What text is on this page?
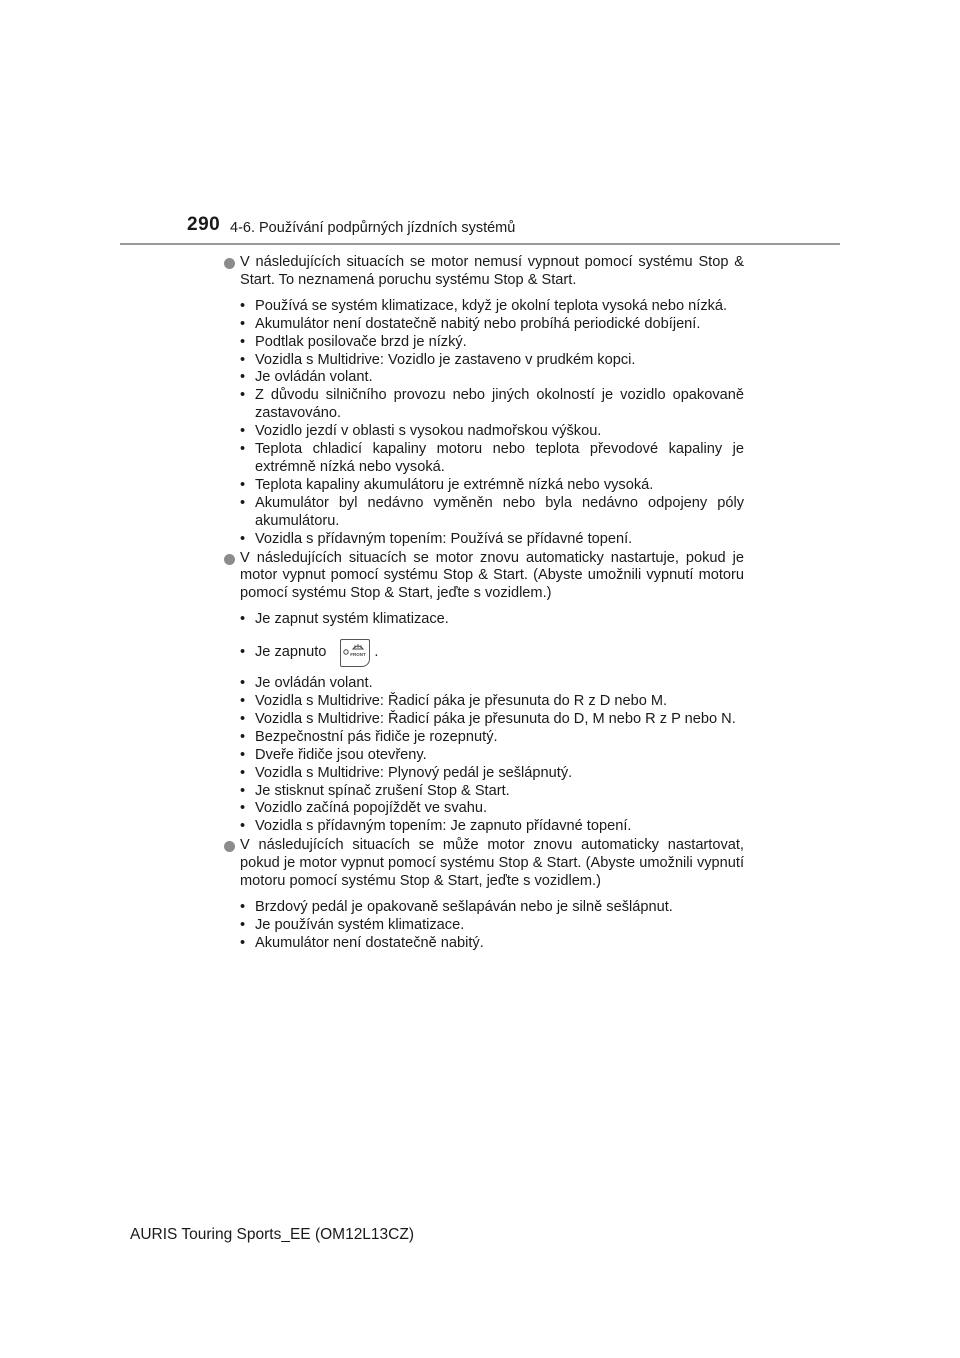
290 4-6. Používání podpůrných jízdních systémů
V následujících situacích se motor nemusí vypnout pomocí systému Stop & Start. To neznamená poruchu systému Stop & Start.
• Používá se systém klimatizace, když je okolní teplota vysoká nebo nízká.
• Akumulátor není dostatečně nabitý nebo probíhá periodické dobíjení.
• Podtlak posilovače brzd je nízký.
• Vozidla s Multidrive: Vozidlo je zastaveno v prudkém kopci.
• Je ovládán volant.
• Z důvodu silničního provozu nebo jiných okolností je vozidlo opakovaně zastavováno.
• Vozidlo jezdí v oblasti s vysokou nadmořskou výškou.
• Teplota chladicí kapaliny motoru nebo teplota převodové kapaliny je extrémně nízká nebo vysoká.
• Teplota kapaliny akumulátoru je extrémně nízká nebo vysoká.
• Akumulátor byl nedávno vyměněn nebo byla nedávno odpojeny póly akumulátoru.
• Vozidla s přídavným topením: Používá se přídavné topení.
V následujících situacích se motor znovu automaticky nastartuje, pokud je motor vypnut pomocí systému Stop & Start. (Abyste umožnili vypnutí motoru pomocí systému Stop & Start, jeďte s vozidlem.)
• Je zapnut systém klimatizace.
• Je zapnuto	FRONT .
• Je ovládán volant.
• Vozidla s Multidrive: Řadicí páka je přesunuta do R z D nebo M.
• Vozidla s Multidrive: Řadicí páka je přesunuta do D, M nebo R z P nebo N.
• Bezpečnostní pás řidiče je rozepnutý.
• Dveře řidiče jsou otevřeny.
• Vozidla s Multidrive: Plynový pedál je sešlápnutý.
• Je stisknut spínač zrušení Stop & Start.
• Vozidlo začíná popojíždět ve svahu.
• Vozidla s přídavným topením: Je zapnuto přídavné topení.
V následujících situacích se může motor znovu automaticky nastartovat, pokud je motor vypnut pomocí systému Stop & Start. (Abyste umožnili vypnutí motoru pomocí systému Stop & Start, jeďte s vozidlem.)
• Brzdový pedál je opakovaně sešlapáván nebo je silně sešlápnut.
• Je používán systém klimatizace.
• Akumulátor není dostatečně nabitý.
AURIS Touring Sports_EE (OM12L13CZ)
